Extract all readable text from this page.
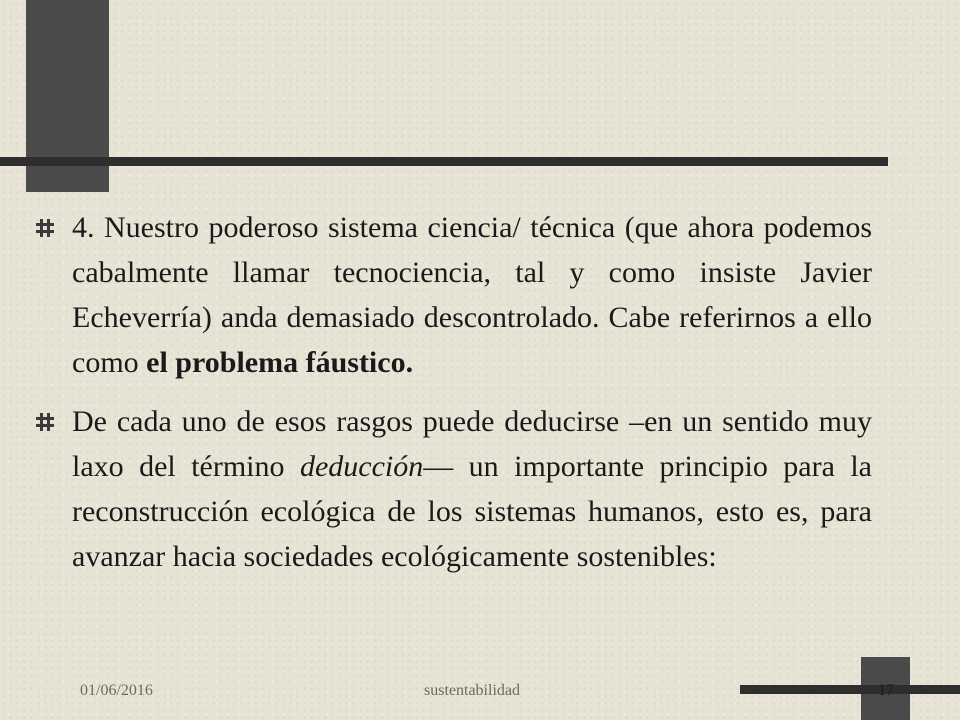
4. Nuestro poderoso sistema ciencia/ técnica (que ahora podemos cabalmente llamar tecnociencia, tal y como insiste Javier Echeverría) anda demasiado descontrolado. Cabe referirnos a ello como el problema fáustico.
De cada uno de esos rasgos puede deducirse –en un sentido muy laxo del término deducción— un importante principio para la reconstrucción ecológica de los sistemas humanos, esto es, para avanzar hacia sociedades ecológicamente sostenibles:
01/06/2016	sustentabilidad	17
